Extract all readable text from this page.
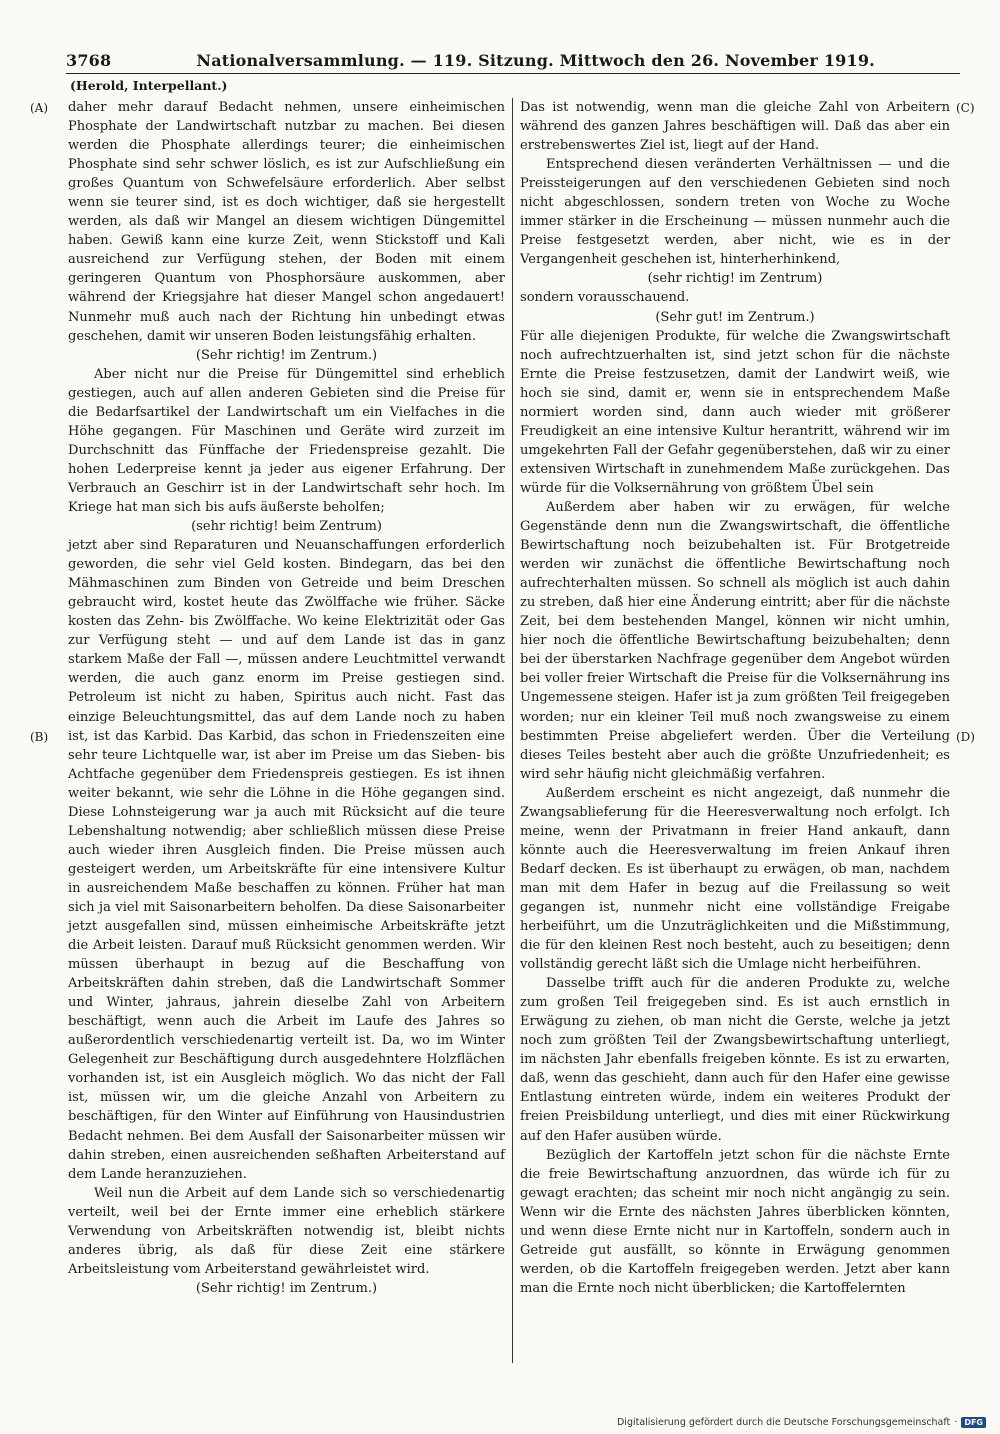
3768	Nationalversammlung. — 119. Sitzung. Mittwoch den 26. November 1919.
(Herold, Interpellant.)
(A)
(B)
(C)
(D)

daher mehr darauf Bedacht nehmen, unsere einheimischen Phosphate der Landwirtschaft nutzbar zu machen. Bei diesen werden die Phosphate allerdings teurer; die einheimischen Phosphate sind sehr schwer löslich, es ist zur Aufschließung ein großes Quantum von Schwefelsäure erforderlich. Aber selbst wenn sie teurer sind, ist es doch wichtiger, daß sie hergestellt werden, als daß wir Mangel an diesem wichtigen Düngemittel haben. Gewiß kann eine kurze Zeit, wenn Stickstoff und Kali ausreichend zur Verfügung stehen, der Boden mit einem geringeren Quantum von Phosphorsäure auskommen, aber während der Kriegsjahre hat dieser Mangel schon angedauert! Nunmehr muß auch nach der Richtung hin unbedingt etwas geschehen, damit wir unseren Boden leistungsfähig erhalten.

(Sehr richtig! im Zentrum.)

Aber nicht nur die Preise für Düngemittel sind erheblich gestiegen, auch auf allen anderen Gebieten sind die Preise für die Bedarfsartikel der Landwirtschaft um ein Vielfaches in die Höhe gegangen. Für Maschinen und Geräte wird zurzeit im Durchschnitt das Fünffache der Friedenspreise gezahlt. Die hohen Lederpreise kennt ja jeder aus eigener Erfahrung. Der Verbrauch an Geschirr ist in der Landwirtschaft sehr hoch. Im Kriege hat man sich bis aufs äußerste beholfen;

(sehr richtig! beim Zentrum)

jetzt aber sind Reparaturen und Neuanschaffungen erforderlich geworden, die sehr viel Geld kosten. Bindegarn, das bei den Mähmaschinen zum Binden von Getreide und beim Dreschen gebraucht wird, kostet heute das Zwölffache wie früher. Säcke kosten das Zehn- bis Zwölffache. Wo keine Elektrizität oder Gas zur Verfügung steht — und auf dem Lande ist das in ganz starkem Maße der Fall —, müssen andere Leuchtmittel verwandt werden, die auch ganz enorm im Preise gestiegen sind. Petroleum ist nicht zu haben, Spiritus auch nicht. Fast das einzige Beleuchtungsmittel, das auf dem Lande noch zu haben ist, ist das Karbid. Das Karbid, das schon in Friedenszeiten eine sehr teure Lichtquelle war, ist aber im Preise um das Sieben- bis Achtfache gegenüber dem Friedenspreis gestiegen. Es ist ihnen weiter bekannt, wie sehr die Löhne in die Höhe gegangen sind. Diese Lohnsteigerung war ja auch mit Rücksicht auf die teure Lebenshaltung notwendig; aber schließlich müssen diese Preise auch wieder ihren Ausgleich finden. Die Preise müssen auch gesteigert werden, um Arbeitskräfte für eine intensivere Kultur in ausreichendem Maße beschaffen zu können. Früher hat man sich ja viel mit Saisonarbeitern beholfen. Da diese Saisonarbeiter jetzt ausgefallen sind, müssen einheimische Arbeitskräfte jetzt die Arbeit leisten. Darauf muß Rücksicht genommen werden. Wir müssen überhaupt in bezug auf die Beschaffung von Arbeitskräften dahin streben, daß die Landwirtschaft Sommer und Winter, jahraus, jahrein dieselbe Zahl von Arbeitern beschäftigt, wenn auch die Arbeit im Laufe des Jahres so außerordentlich verschiedenartig verteilt ist. Da, wo im Winter Gelegenheit zur Beschäftigung durch ausgedehntere Holzflächen vorhanden ist, ist ein Ausgleich möglich. Wo das nicht der Fall ist, müssen wir, um die gleiche Anzahl von Arbeitern zu beschäftigen, für den Winter auf Einführung von Hausindustrien Bedacht nehmen. Bei dem Ausfall der Saisonarbeiter müssen wir dahin streben, einen ausreichenden seßhaften Arbeiterstand auf dem Lande heranzuziehen.

Weil nun die Arbeit auf dem Lande sich so verschiedenartig verteilt, weil bei der Ernte immer eine erheblich stärkere Verwendung von Arbeitskräften notwendig ist, bleibt nichts anderes übrig, als daß für diese Zeit eine stärkere Arbeitsleistung vom Arbeiterstand gewährleistet wird.

(Sehr richtig! im Zentrum.)

Das ist notwendig, wenn man die gleiche Zahl von Arbeitern während des ganzen Jahres beschäftigen will. Daß das aber ein erstrebenswertes Ziel ist, liegt auf der Hand.

Entsprechend diesen veränderten Verhältnissen — und die Preissteigerungen auf den verschiedenen Gebieten sind noch nicht abgeschlossen, sondern treten von Woche zu Woche immer stärker in die Erscheinung — müssen nunmehr auch die Preise festgesetzt werden, aber nicht, wie es in der Vergangenheit geschehen ist, hinterherhinkend,

(sehr richtig! im Zentrum)

sondern vorausschauend.

(Sehr gut! im Zentrum.)

Für alle diejenigen Produkte, für welche die Zwangswirtschaft noch aufrechtzuerhalten ist, sind jetzt schon für die nächste Ernte die Preise festzusetzen, damit der Landwirt weiß, wie hoch sie sind, damit er, wenn sie in entsprechendem Maße normiert worden sind, dann auch wieder mit größerer Freudigkeit an eine intensive Kultur herantritt, während wir im umgekehrten Fall der Gefahr gegenüberstehen, daß wir zu einer extensiven Wirtschaft in zunehmendem Maße zurückgehen. Das würde für die Volksernährung von größtem Übel sein

Außerdem aber haben wir zu erwägen, für welche Gegenstände denn nun die Zwangswirtschaft, die öffentliche Bewirtschaftung noch beizubehalten ist. Für Brotgetreide werden wir zunächst die öffentliche Bewirtschaftung noch aufrechterhalten müssen. So schnell als möglich ist auch dahin zu streben, daß hier eine Änderung eintritt; aber für die nächste Zeit, bei dem bestehenden Mangel, können wir nicht umhin, hier noch die öffentliche Bewirtschaftung beizubehalten; denn bei der überstarken Nachfrage gegenüber dem Angebot würden bei voller freier Wirtschaft die Preise für die Volksernährung ins Ungemessene steigen. Hafer ist ja zum größten Teil freigegeben worden; nur ein kleiner Teil muß noch zwangsweise zu einem bestimmten Preise abgeliefert werden. Über die Verteilung dieses Teiles besteht aber auch die größte Unzufriedenheit; es wird sehr häufig nicht gleichmäßig verfahren.

Außerdem erscheint es nicht angezeigt, daß nunmehr die Zwangsablieferung für die Heeresverwaltung noch erfolgt. Ich meine, wenn der Privatmann in freier Hand ankauft, dann könnte auch die Heeresverwaltung im freien Ankauf ihren Bedarf decken. Es ist überhaupt zu erwägen, ob man, nachdem man mit dem Hafer in bezug auf die Freilassung so weit gegangen ist, nunmehr nicht eine vollständige Freigabe herbeiführt, um die Unzuträglichkeiten und die Mißstimmung, die für den kleinen Rest noch besteht, auch zu beseitigen; denn vollständig gerecht läßt sich die Umlage nicht herbeiführen.

Dasselbe trifft auch für die anderen Produkte zu, welche zum großen Teil freigegeben sind. Es ist auch ernstlich in Erwägung zu ziehen, ob man nicht die Gerste, welche ja jetzt noch zum größten Teil der Zwangsbewirtschaftung unterliegt, im nächsten Jahr ebenfalls freigeben könnte. Es ist zu erwarten, daß, wenn das geschieht, dann auch für den Hafer eine gewisse Entlastung eintreten würde, indem ein weiteres Produkt der freien Preisbildung unterliegt, und dies mit einer Rückwirkung auf den Hafer ausüben würde.

Bezüglich der Kartoffeln jetzt schon für die nächste Ernte die freie Bewirtschaftung anzuordnen, das würde ich für zu gewagt erachten; das scheint mir noch nicht angängig zu sein. Wenn wir die Ernte des nächsten Jahres überblicken könnten, und wenn diese Ernte nicht nur in Kartoffeln, sondern auch in Getreide gut ausfällt, so könnte in Erwägung genommen werden, ob die Kartoffeln freigegeben werden. Jetzt aber kann man die Ernte noch nicht überblicken; die Kartoffelernten

Digitalisierung gefördert durch die Deutsche Forschungsgemeinschaft · DFG
